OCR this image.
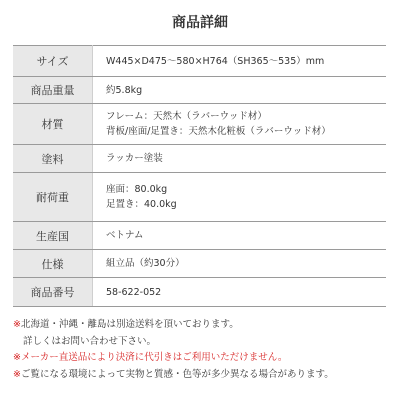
商品詳細
サイズ	W445×D475〜580×H764（SH365〜535）mm

商品重量	約5.8kg

材質	フレーム：天然木（ラバーウッド材）
背板/座面/足置き：天然木化粧板（ラバーウッド材）

塗料	ラッカー塗装

耐荷重	座面：80.0kg
足置き：40.0kg

生産国	ベトナム

仕様	組立品（約30分）

商品番号	58-622-052
※北海道・沖縄・離島は別途送料を頂いております。
詳しくはお問い合わせ下さい。
※メーカー直送品により決済に代引きはご利用いただけません。
※ご覧になる環境によって実物と質感・色等が多少異なる場合があります。
